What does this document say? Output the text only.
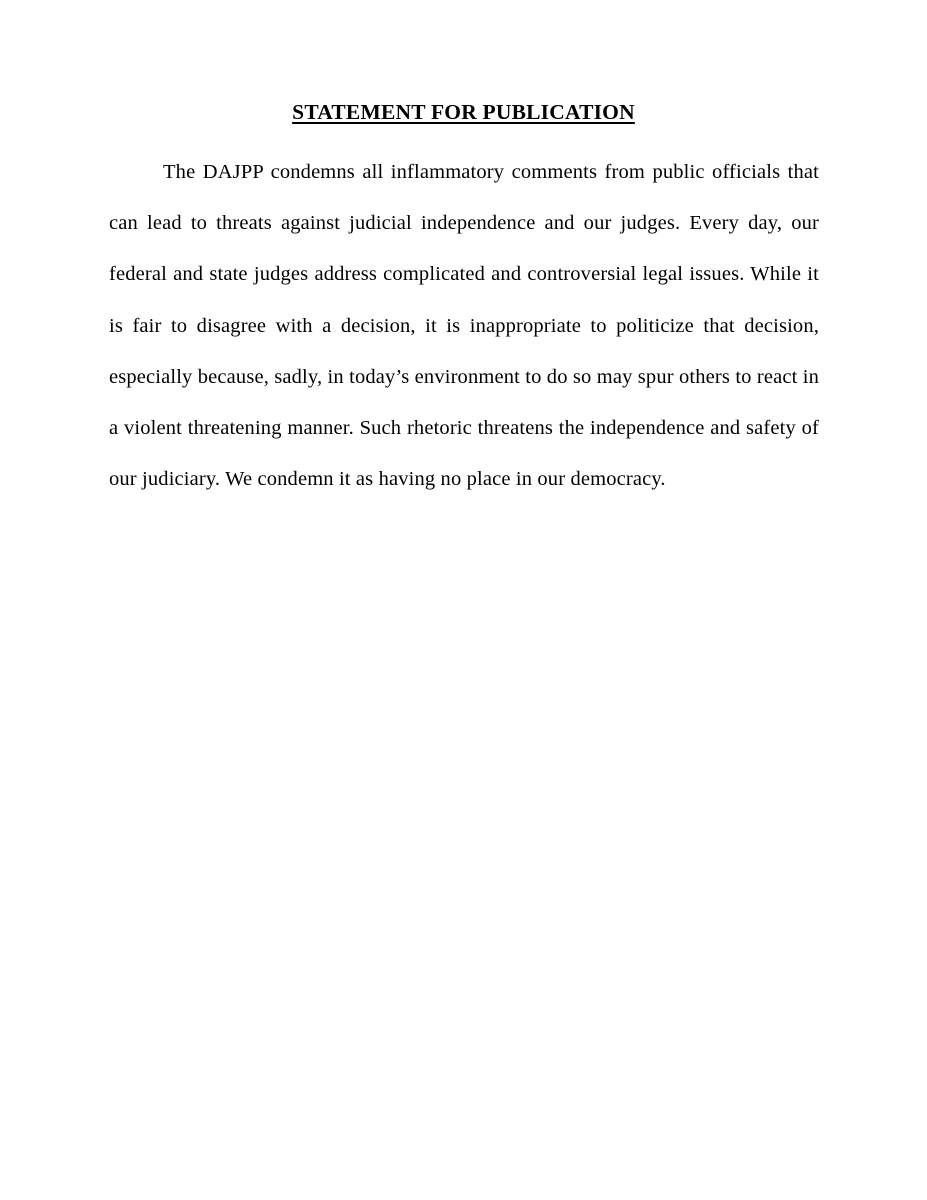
STATEMENT FOR PUBLICATION

The DAJPP condemns all inflammatory comments from public officials that can lead to threats against judicial independence and our judges. Every day, our federal and state judges address complicated and controversial legal issues. While it is fair to disagree with a decision, it is inappropriate to politicize that decision, especially because, sadly, in today’s environment to do so may spur others to react in a violent threatening manner. Such rhetoric threatens the independence and safety of our judiciary. We condemn it as having no place in our democracy.
